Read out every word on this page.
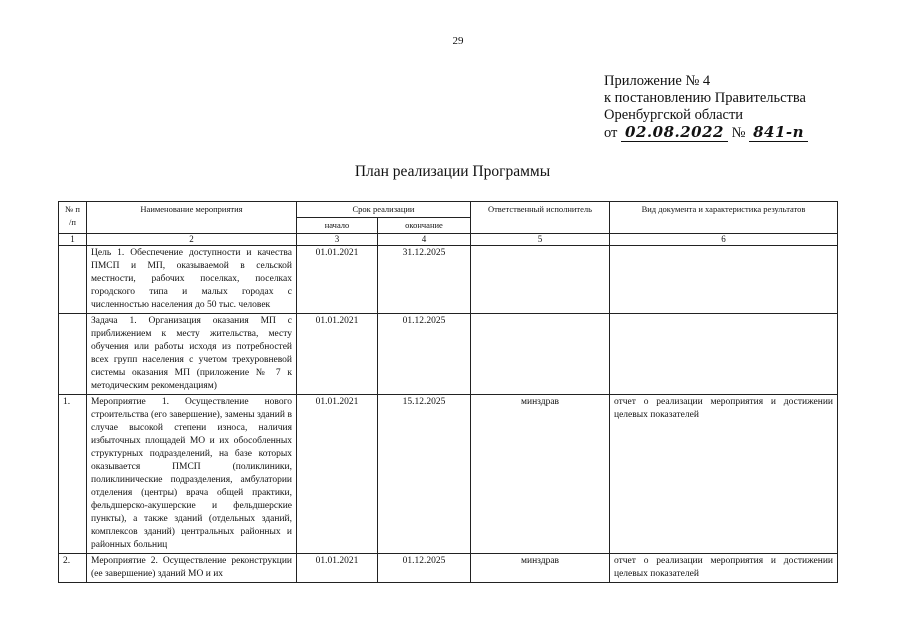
29
Приложение № 4
к постановлению Правительства
Оренбургской области
от 02.08.2022 № 841-п
План реализации Программы
№ п /п	Наименование мероприятия	Срок реализации		Ответственный исполнитель	Вид документа и характеристика результатов
		начало	окончание		
1	2	3	4	5	6
	Цель 1. Обеспечение доступности и качества ПМСП и МП, оказываемой в сельской местности, рабочих поселках, поселках городского типа и малых городах с численностью населения до 50 тыс. человек	01.01.2021	31.12.2025		
	Задача 1. Организация оказания МП с приближением к месту жительства, месту обучения или работы исходя из потребностей всех групп населения с учетом трехуровневой системы оказания МП (приложение № 7 к методическим рекомендациям)	01.01.2021	01.12.2025		
1.	Мероприятие 1. Осуществление нового строительства (его завершение), замены зданий в случае высокой степени износа, наличия избыточных площадей МО и их обособленных структурных подразделений, на базе которых оказывается ПМСП (поликлиники, поликлинические подразделения, амбулатории отделения (центры) врача общей практики, фельдшерско-акушерские и фельдшерские пункты), а также зданий (отдельных зданий, комплексов зданий) центральных районных и районных больниц	01.01.2021	15.12.2025	минздрав	отчет о реализации мероприятия и достижении целевых показателей
2.	Мероприятие 2. Осуществление реконструкции (ее завершение) зданий МО и их	01.01.2021	01.12.2025	минздрав	отчет о реализации мероприятия и достижении целевых показателей
